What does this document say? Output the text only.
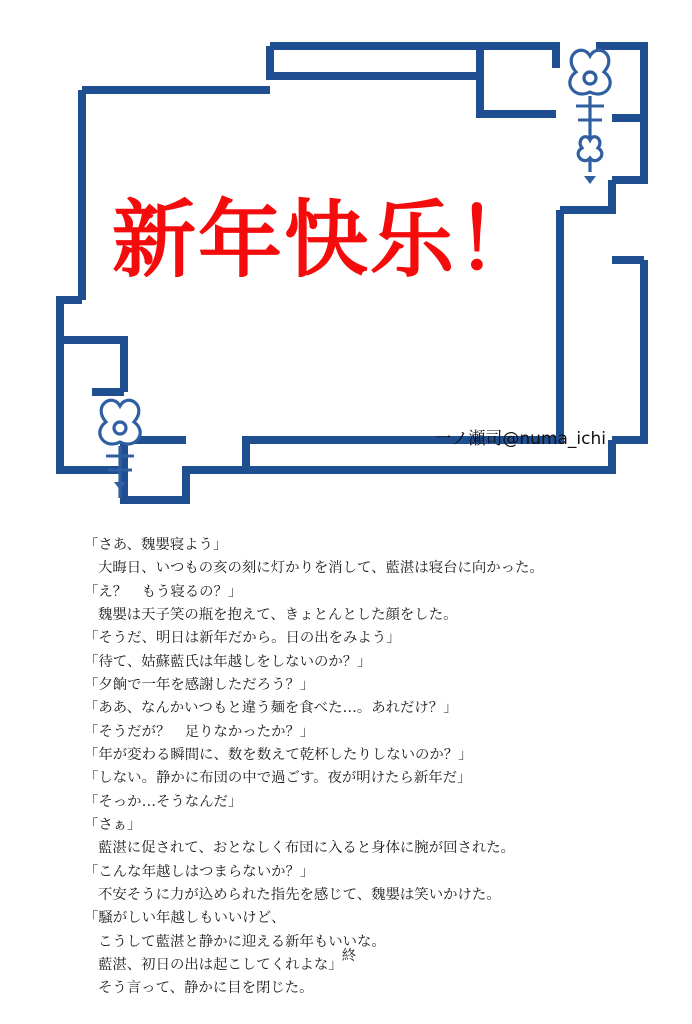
新年快乐！
一ノ瀬司@numa_ichi
「さあ、魏嬰寝よう」
大晦日、いつもの亥の刻に灯かりを消して、藍湛は寝台に向かった。
「え？　もう寝るの？」
魏嬰は天子笑の瓶を抱えて、きょとんとした顔をした。
「そうだ、明日は新年だから。日の出をみよう」
「待て、姑蘇藍氏は年越しをしないのか？」
「夕餉で一年を感謝しただろう？」
「ああ、なんかいつもと違う麺を食べた…。あれだけ？」
「そうだが？　足りなかったか？」
「年が変わる瞬間に、数を数えて乾杯したりしないのか？」
「しない。静かに布団の中で過ごす。夜が明けたら新年だ」
「そっか…そうなんだ」
「さぁ」
藍湛に促されて、おとなしく布団に入ると身体に腕が回された。
「こんな年越しはつまらないか？」
不安そうに力が込められた指先を感じて、魏嬰は笑いかけた。
「騒がしい年越しもいいけど、
こうして藍湛と静かに迎える新年もいいな。
藍湛、初日の出は起こしてくれよな」
そう言って、静かに目を閉じた。
終
